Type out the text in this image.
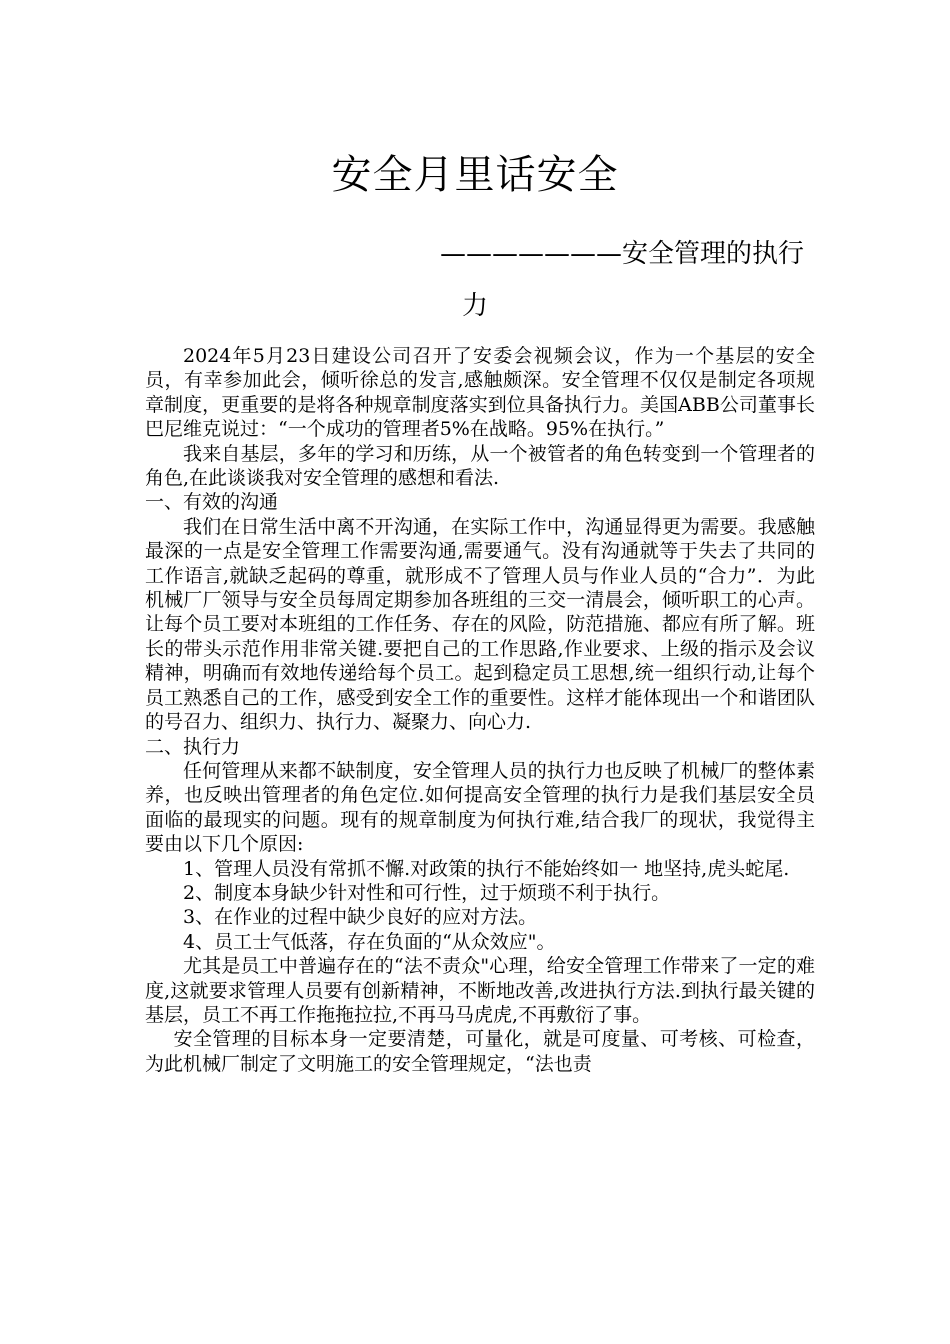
安全月里话安全
———————安全管理的执行
力

2024年5月23日建设公司召开了安委会视频会议，作为一个基层的安全员，有幸参加此会，倾听徐总的发言,感触颇深。安全管理不仅仅是制定各项规章制度，更重要的是将各种规章制度落实到位具备执行力。美国ABB公司董事长巴尼维克说过：“一个成功的管理者5%在战略。95%在执行。”

我来自基层，多年的学习和历练，从一个被管者的角色转变到一个管理者的角色,在此谈谈我对安全管理的感想和看法.

一、有效的沟通

我们在日常生活中离不开沟通，在实际工作中，沟通显得更为需要。我感触最深的一点是安全管理工作需要沟通,需要通气。没有沟通就等于失去了共同的工作语言,就缺乏起码的尊重，就形成不了管理人员与作业人员的“合力”．为此机械厂厂领导与安全员每周定期参加各班组的三交一清晨会，倾听职工的心声。让每个员工要对本班组的工作任务、存在的风险，防范措施、都应有所了解。班长的带头示范作用非常关键.要把自己的工作思路,作业要求、上级的指示及会议精神，明确而有效地传递给每个员工。起到稳定员工思想,统一组织行动,让每个员工熟悉自己的工作，感受到安全工作的重要性。这样才能体现出一个和谐团队的号召力、组织力、执行力、凝聚力、向心力.

二、执行力

任何管理从来都不缺制度，安全管理人员的执行力也反映了机械厂的整体素养，也反映出管理者的角色定位.如何提高安全管理的执行力是我们基层安全员面临的最现实的问题。现有的规章制度为何执行难,结合我厂的现状，我觉得主要由以下几个原因:

1、管理人员没有常抓不懈.对政策的执行不能始终如一 地坚持,虎头蛇尾.

2、制度本身缺少针对性和可行性，过于烦琐不利于执行。

3、在作业的过程中缺少良好的应对方法。

4、员工士气低落，存在负面的“从众效应"。

尤其是员工中普遍存在的“法不责众"心理，给安全管理工作带来了一定的难度,这就要求管理人员要有创新精神，不断地改善,改进执行方法.到执行最关键的基层，员工不再工作拖拖拉拉,不再马马虎虎,不再敷衍了事。

安全管理的目标本身一定要清楚，可量化，就是可度量、可考核、可检查，为此机械厂制定了文明施工的安全管理规定，“法也责
